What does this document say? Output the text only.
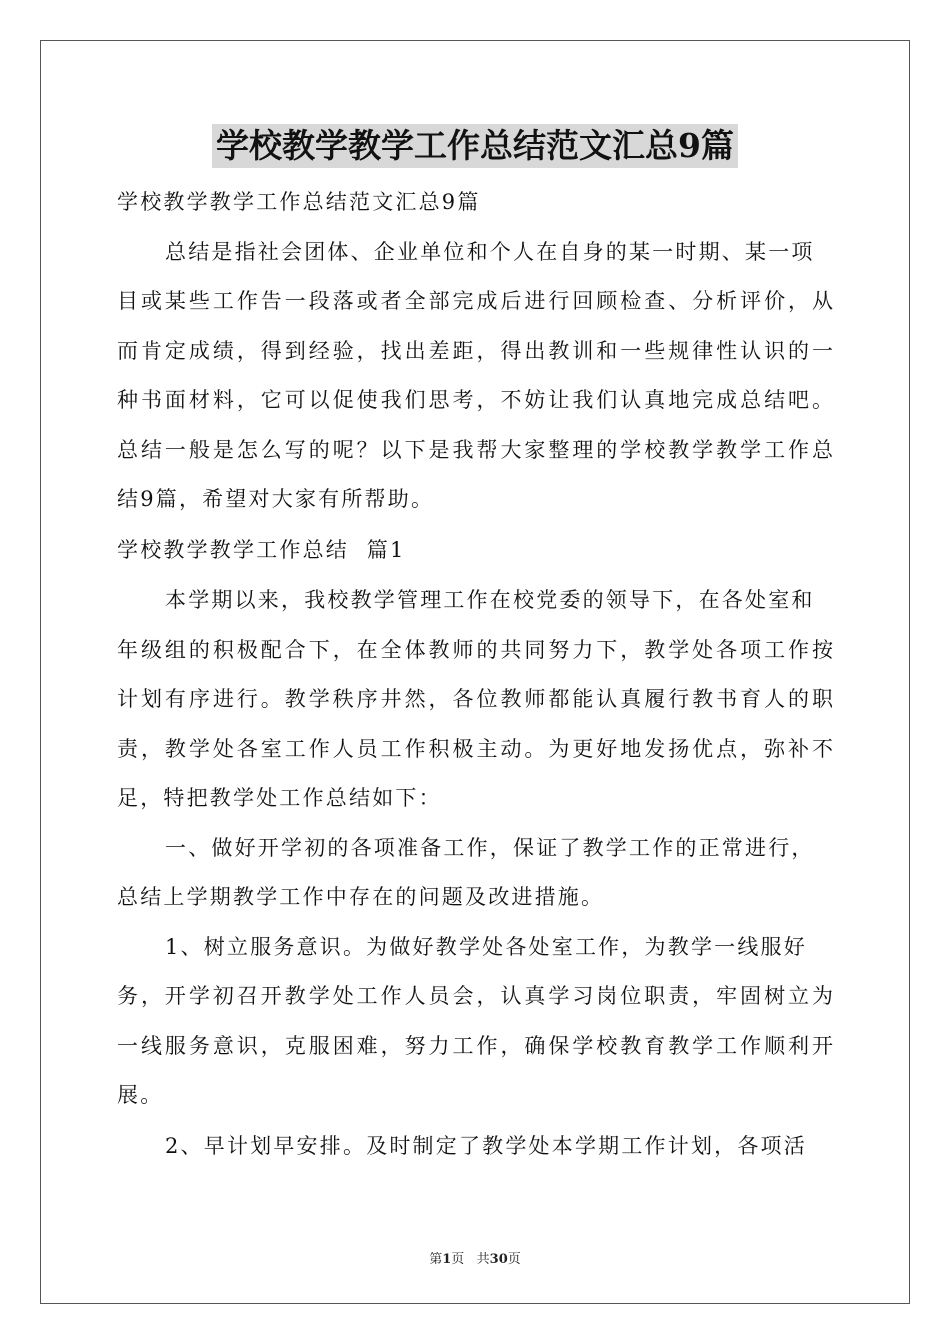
学校教学教学工作总结范文汇总9篇
学校教学教学工作总结范文汇总9篇
总结是指社会团体、企业单位和个人在自身的某一时期、某一项
目或某些工作告一段落或者全部完成后进行回顾检查、分析评价，从
而肯定成绩，得到经验，找出差距，得出教训和一些规律性认识的一
种书面材料，它可以促使我们思考，不妨让我们认真地完成总结吧。
总结一般是怎么写的呢？以下是我帮大家整理的学校教学教学工作总
结9篇，希望对大家有所帮助。
学校教学教学工作总结  篇1
本学期以来，我校教学管理工作在校党委的领导下，在各处室和
年级组的积极配合下，在全体教师的共同努力下，教学处各项工作按
计划有序进行。教学秩序井然，各位教师都能认真履行教书育人的职
责，教学处各室工作人员工作积极主动。为更好地发扬优点，弥补不
足，特把教学处工作总结如下：
一、做好开学初的各项准备工作，保证了教学工作的正常进行，
总结上学期教学工作中存在的问题及改进措施。
1、树立服务意识。为做好教学处各处室工作，为教学一线服好
务，开学初召开教学处工作人员会，认真学习岗位职责，牢固树立为
一线服务意识，克服困难，努力工作，确保学校教育教学工作顺利开
展。
2、早计划早安排。及时制定了教学处本学期工作计划，各项活
第1页   共30页
